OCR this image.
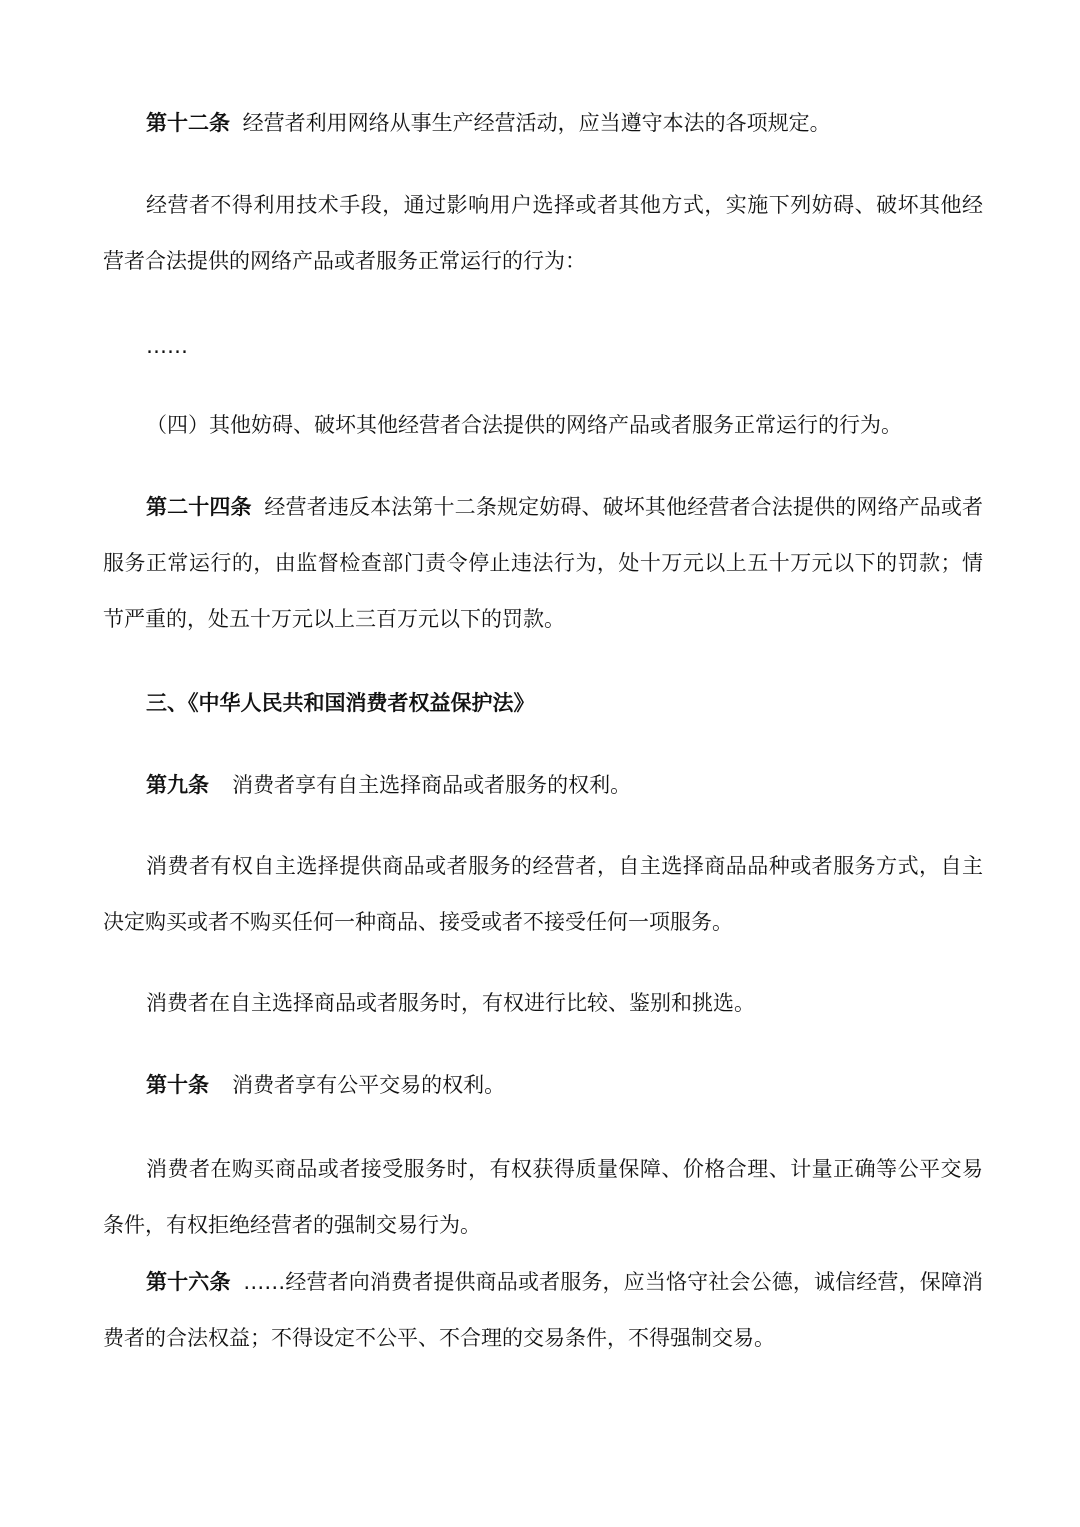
第十二条 经营者利用网络从事生产经营活动，应当遵守本法的各项规定。

经营者不得利用技术手段，通过影响用户选择或者其他方式，实施下列妨碍、破坏其他经营者合法提供的网络产品或者服务正常运行的行为：

……

（四）其他妨碍、破坏其他经营者合法提供的网络产品或者服务正常运行的行为。

第二十四条 经营者违反本法第十二条规定妨碍、破坏其他经营者合法提供的网络产品或者服务正常运行的，由监督检查部门责令停止违法行为，处十万元以上五十万元以下的罚款；情节严重的，处五十万元以上三百万元以下的罚款。

三、《中华人民共和国消费者权益保护法》

第九条 消费者享有自主选择商品或者服务的权利。

消费者有权自主选择提供商品或者服务的经营者，自主选择商品品种或者服务方式，自主决定购买或者不购买任何一种商品、接受或者不接受任何一项服务。

消费者在自主选择商品或者服务时，有权进行比较、鉴别和挑选。

第十条 消费者享有公平交易的权利。

消费者在购买商品或者接受服务时，有权获得质量保障、价格合理、计量正确等公平交易条件，有权拒绝经营者的强制交易行为。

第十六条 ……经营者向消费者提供商品或者服务，应当恪守社会公德，诚信经营，保障消费者的合法权益；不得设定不公平、不合理的交易条件，不得强制交易。
